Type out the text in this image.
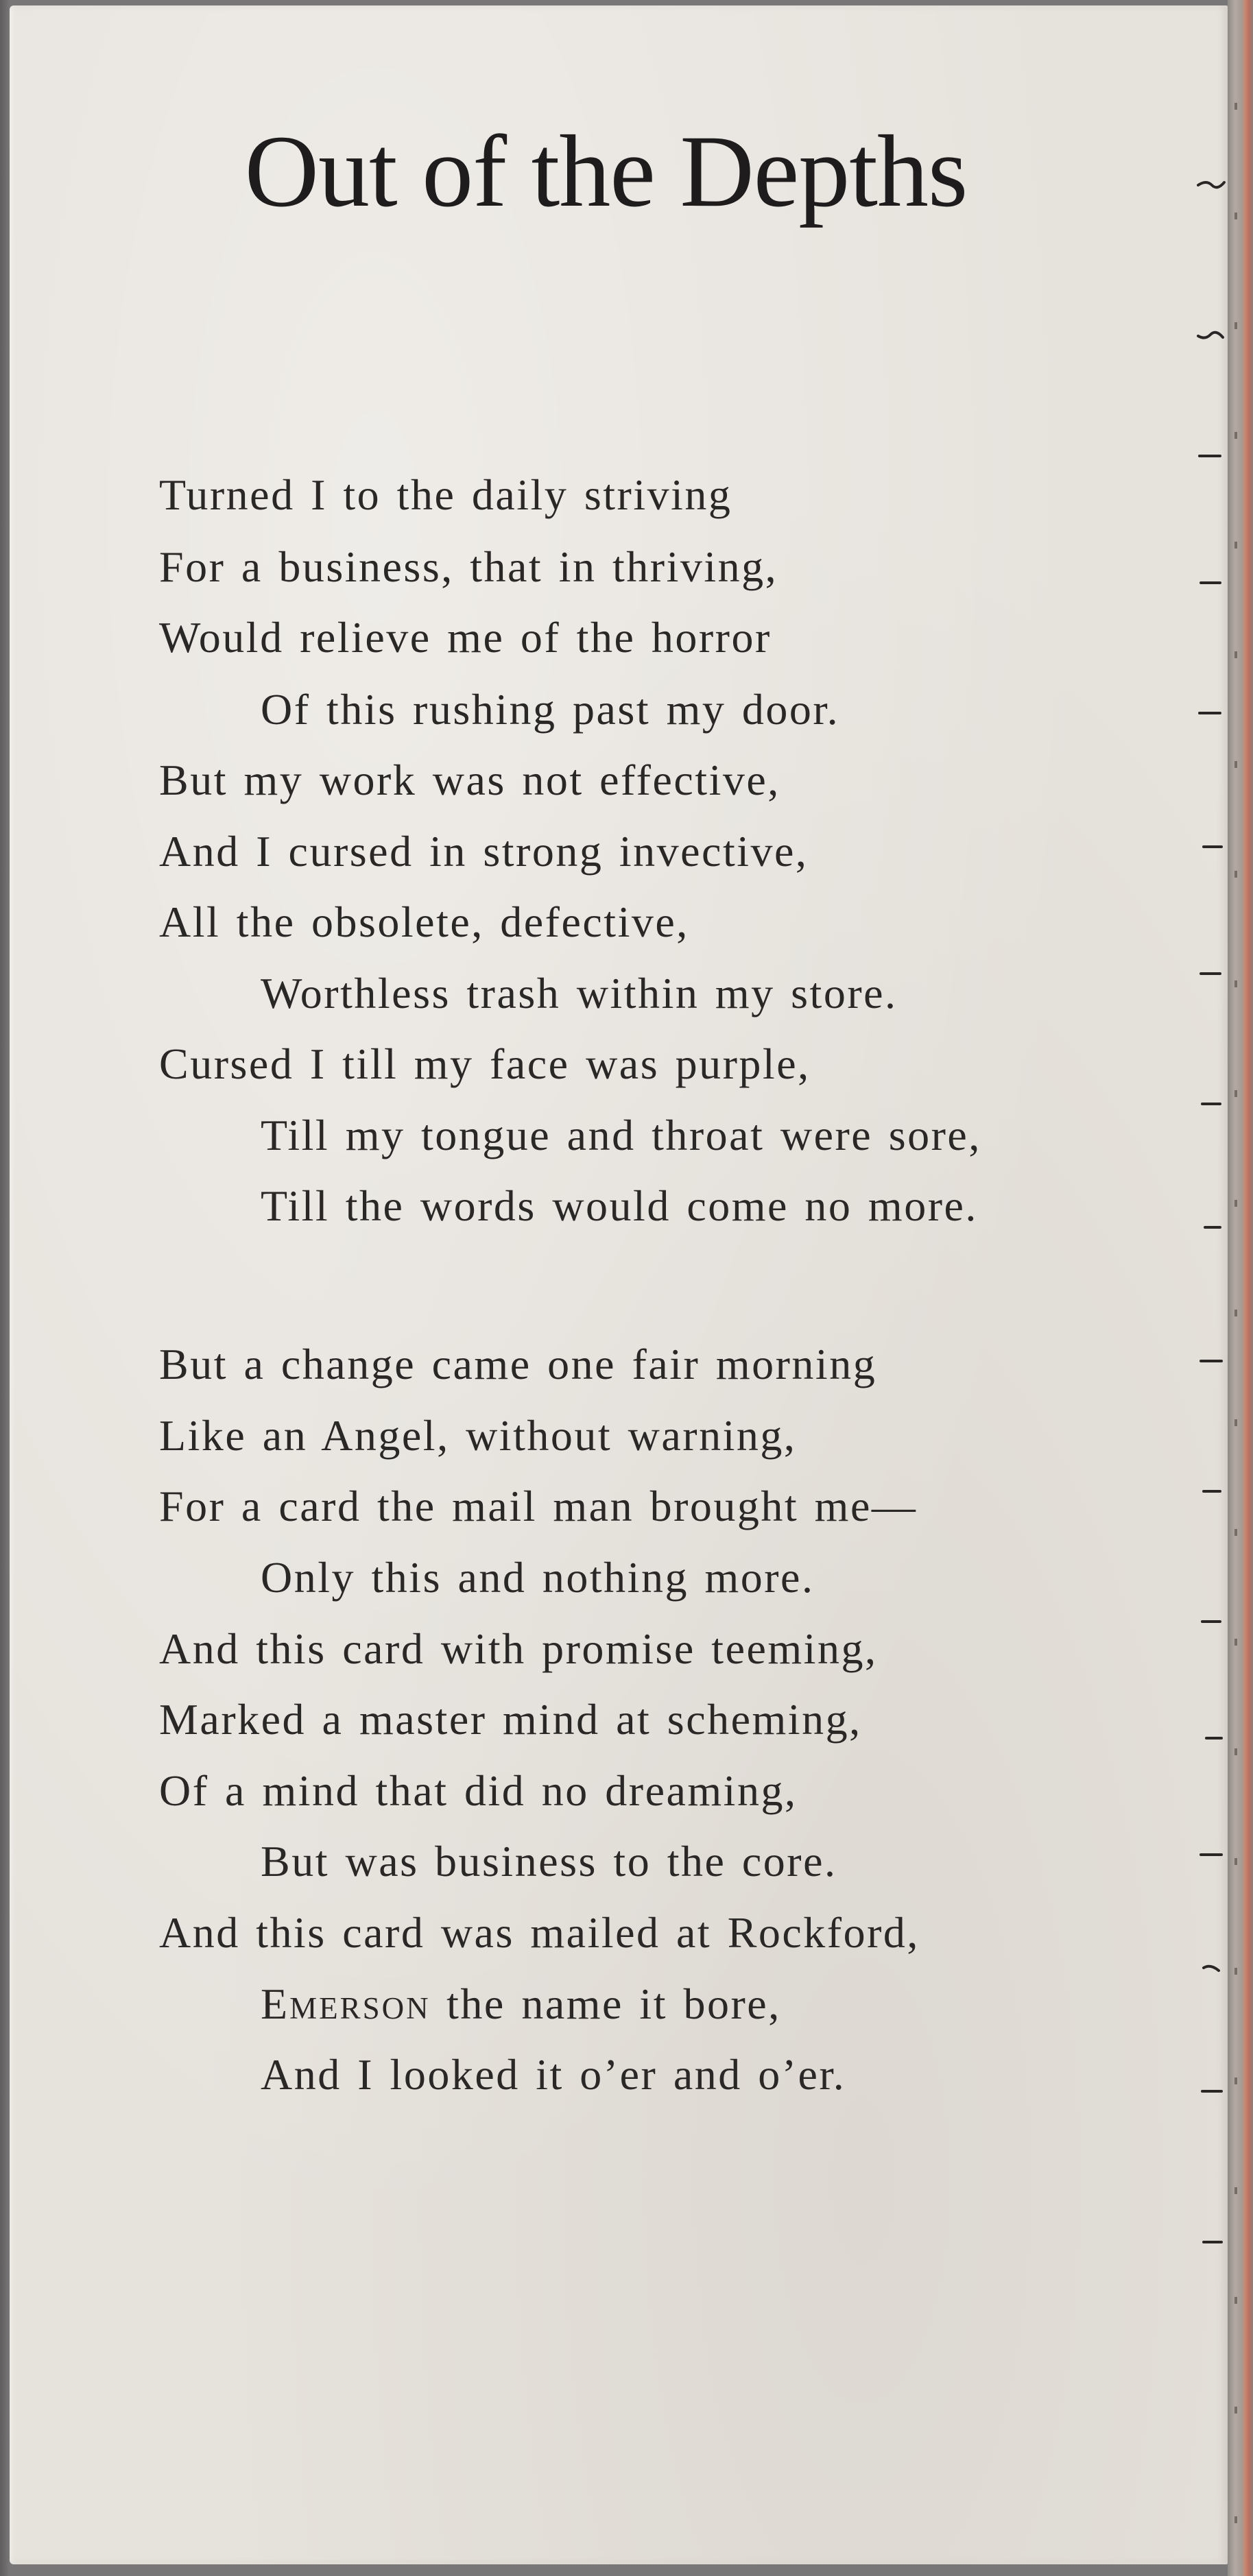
Out of the Depths
Turned I to the daily striving
For a business, that in thriving,
Would relieve me of the horror
Of this rushing past my door.
But my work was not effective,
And I cursed in strong invective,
All the obsolete, defective,
Worthless trash within my store.
Cursed I till my face was purple,
Till my tongue and throat were sore,
Till the words would come no more.
But a change came one fair morning
Like an Angel, without warning,
For a card the mail man brought me—
Only this and nothing more.
And this card with promise teeming,
Marked a master mind at scheming,
Of a mind that did no dreaming,
But was business to the core.
And this card was mailed at Rockford,
Emerson the name it bore,
And I looked it o’er and o’er.
